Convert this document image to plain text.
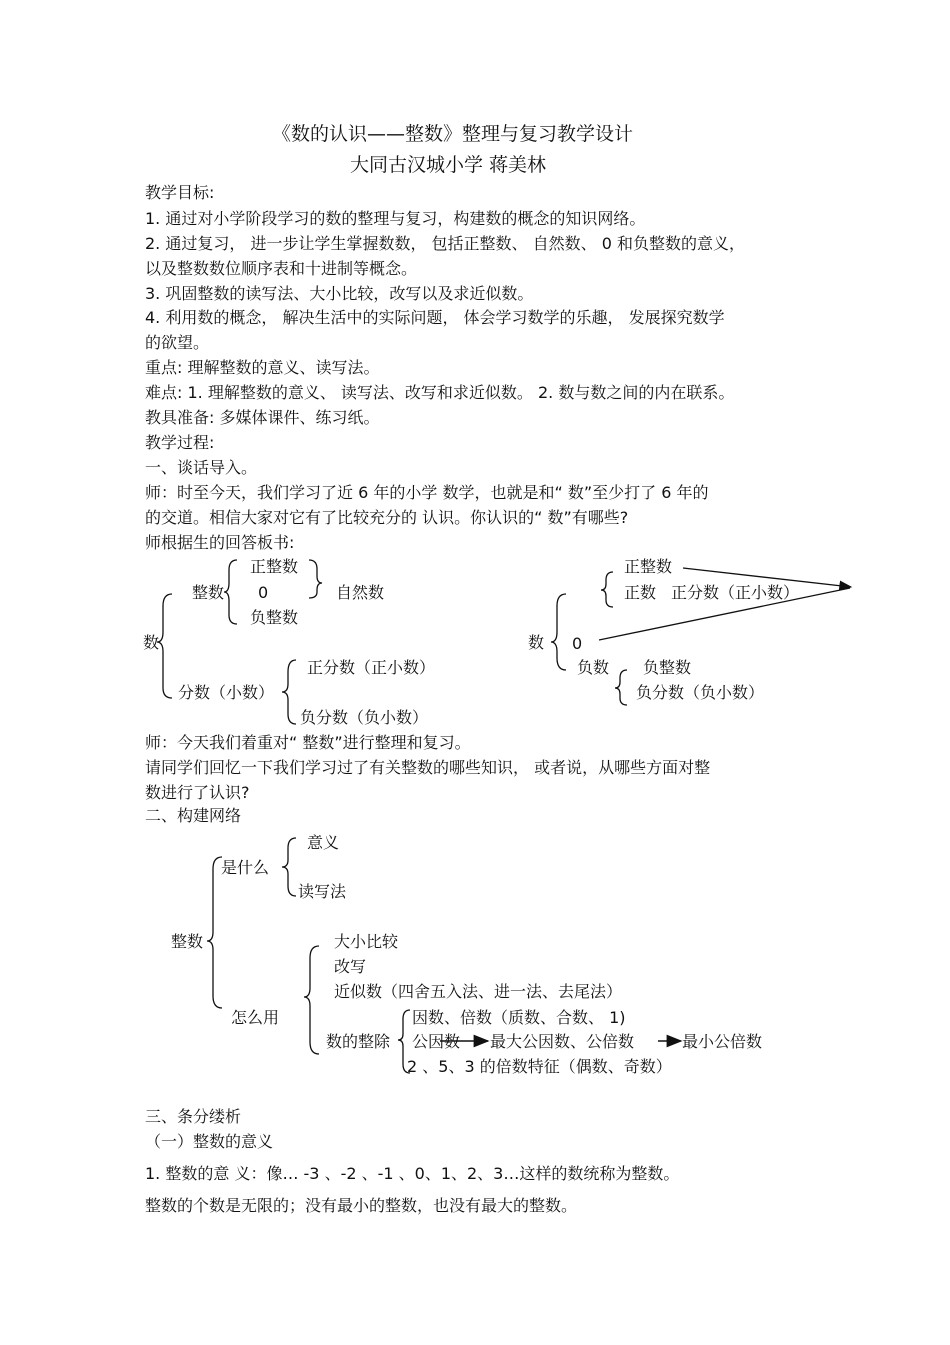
《数的认识——整数》整理与复习教学设计
大同古汉城小学 蒋美林
教学目标:
1. 通过对小学阶段学习的数的整理与复习，构建数的概念的知识网络。
2. 通过复习， 进一步让学生掌握数数， 包括正整数、 自然数、 0 和负整数的意义，
以及整数数位顺序表和十进制等概念。
3. 巩固整数的读写法、大小比较，改写以及求近似数。
4. 利用数的概念， 解决生活中的实际问题， 体会学习数学的乐趣， 发展探究数学
的欲望。
重点: 理解整数的意义、读写法。
难点: 1. 理解整数的意义、 读写法、改写和求近似数。 2. 数与数之间的内在联系。
教具准备: 多媒体课件、练习纸。
教学过程:
一、谈话导入。
师：时至今天，我们学习了近 6 年的小学 数学，也就是和“ 数”至少打了 6 年的
的交道。相信大家对它有了比较充分的 认识。你认识的“ 数”有哪些?
师根据生的回答板书:
正整数
整数 0	自然数
负整数
数
正分数（正小数）
分数（小数）
负分数（负小数）
正整数
正数 正分数（正小数）
数 0
负数 负整数
负分数（负小数）
师：今天我们着重对“ 整数”进行整理和复习。
请同学们回忆一下我们学习过了有关整数的哪些知识， 或者说，从哪些方面对整
数进行了认识?
二、构建网络
意义
是什么
读写法
整数	大小比较
改写
近似数（四舍五入法、进一法、去尾法）
怎么用	因数、倍数（质数、合数、 1)
数的整除 公因数 最大公因数、公倍数	最小公倍数
2 、5、3 的倍数特征（偶数、奇数）
三、条分缕析
（一）整数的意义
1. 整数的意 义：像… -3 、-2 、-1 、0、1、2、3…这样的数统称为整数。
整数的个数是无限的；没有最小的整数，也没有最大的整数。
